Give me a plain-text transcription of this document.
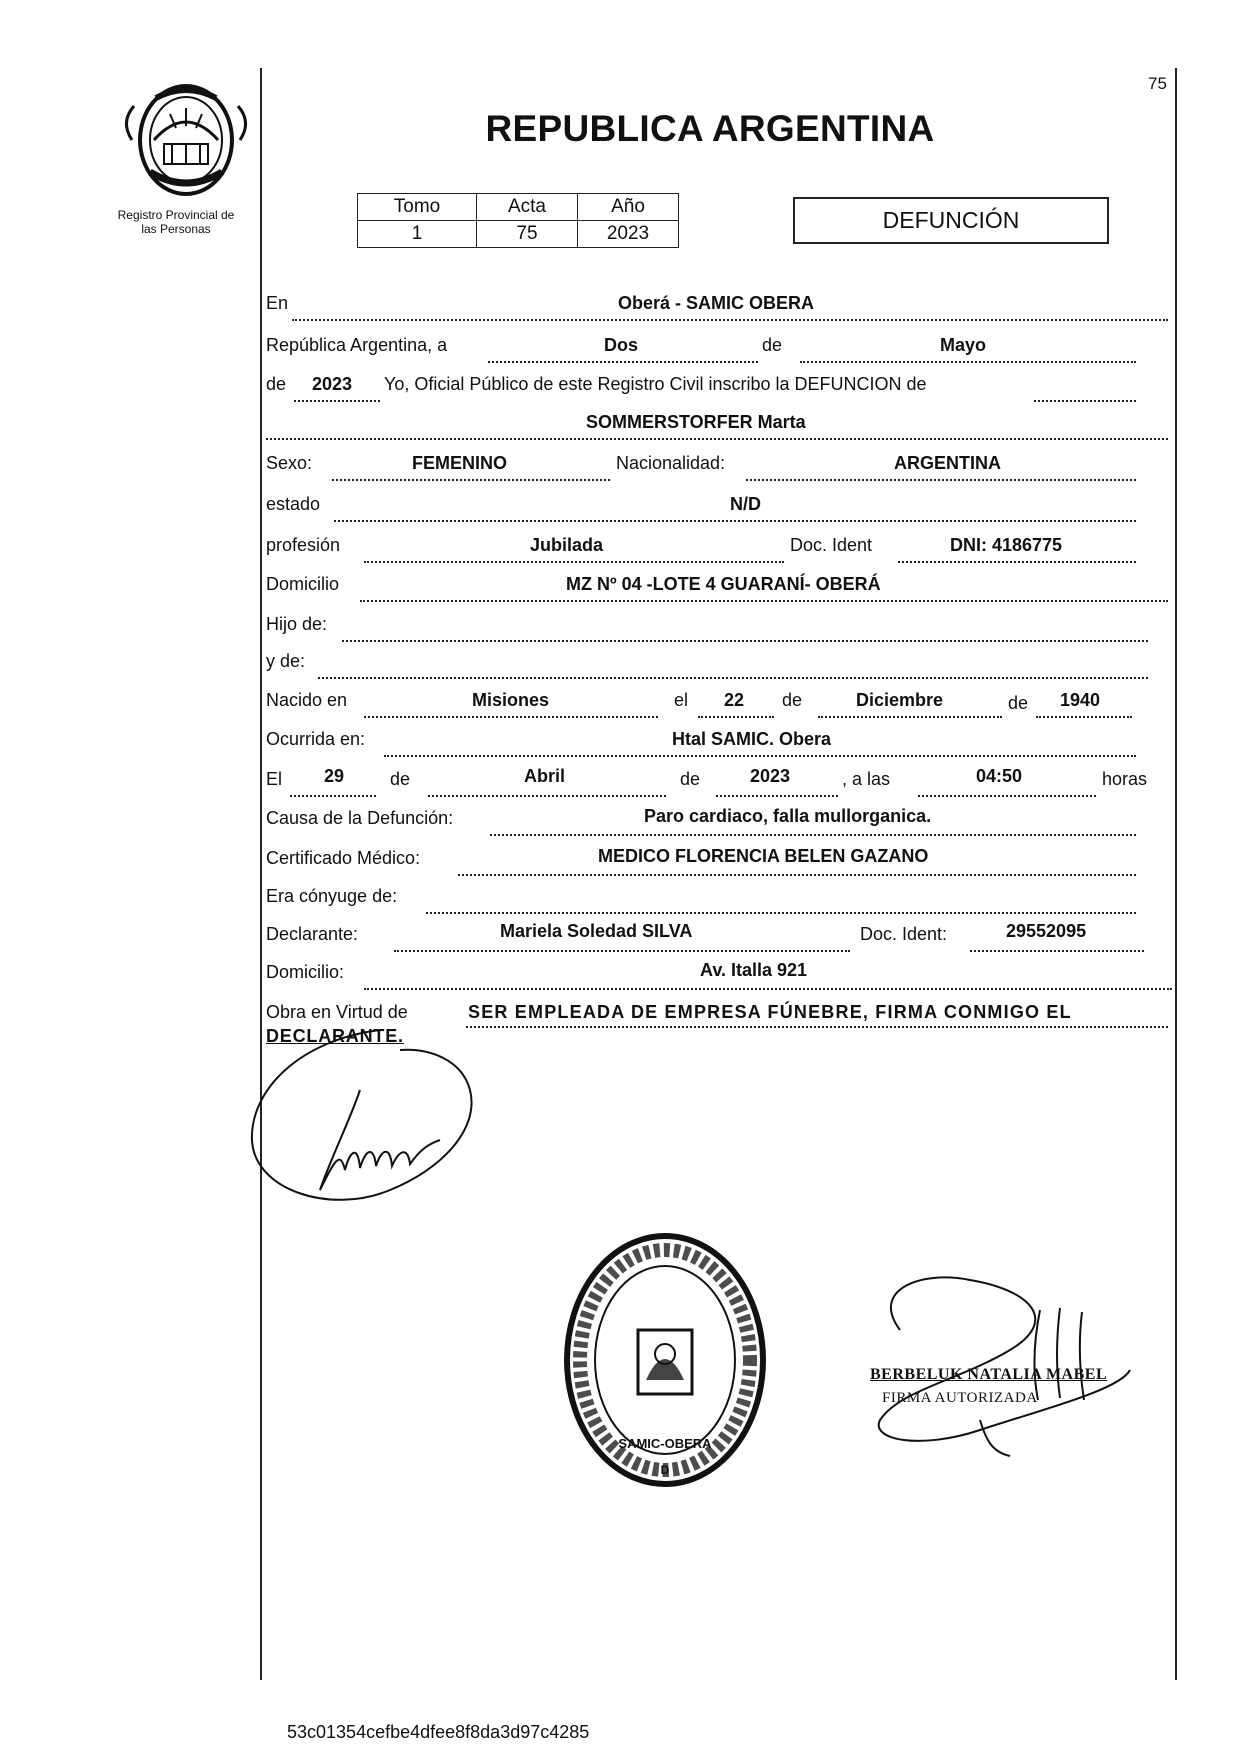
75
Registro Provincial de
las Personas
REPUBLICA ARGENTINA
Tomo	Acta	Año
1	75	2023
DEFUNCIÓN
En	Oberá - SAMIC OBERA
República Argentina, a	Dos	de	Mayo
de 2023 Yo, Oficial Público de este Registro Civil inscribo la DEFUNCION de
SOMMERSTORFER Marta
Sexo:	FEMENINO	Nacionalidad:	ARGENTINA
estado	N/D
profesión	Jubilada	Doc. Ident	DNI: 4186775
Domicilio	MZ Nº 04 -LOTE 4 GUARANÍ- OBERÁ
Hijo de:
y de:
Nacido en	Misiones	el 22 de	Diciembre	de 1940
Ocurrida en:	Htal SAMIC. Obera
El 29	de	Abril	de	2023	, a las	04:50	horas
Causa de la Defunción:	Paro cardiaco, falla mullorganica.
Certificado Médico:	MEDICO FLORENCIA BELEN GAZANO
Era cónyuge de:
Declarante:	Mariela Soledad SILVA	Doc. Ident:	29552095
Domicilio:	Av. Italla 921
Obra en Virtud de	SER EMPLEADA DE EMPRESA FÚNEBRE, FIRMA CONMIGO EL
DECLARANTE.
SAMIC-OBERA
D
BERBELUK NATALIA MABEL
FIRMA AUTORIZADA
53c01354cefbe4dfee8f8da3d97c4285
